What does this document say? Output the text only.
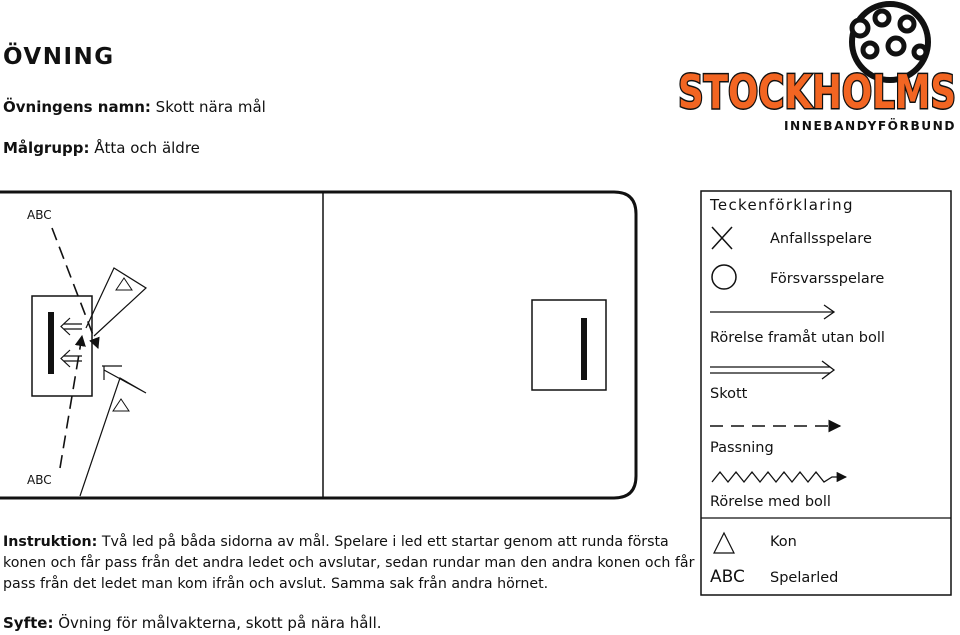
ÖVNING
Övningens namn: Skott nära mål
Målgrupp: Åtta och äldre
STOCKHOLMS
INNEBANDYFÖRBUND
ABC
ABC
Teckenförklaring
Anfallsspelare
Försvarsspelare
Rörelse framåt utan boll
Skott
Passning
Rörelse med boll
Kon
ABC Spelarled
Instruktion: Två led på båda sidorna av mål. Spelare i led ett startar genom att runda första konen och får pass från det andra ledet och avslutar, sedan rundar man den andra konen och får pass från det ledet man kom ifrån och avslut. Samma sak från andra hörnet.
Syfte: Övning för målvakterna, skott på nära håll.
